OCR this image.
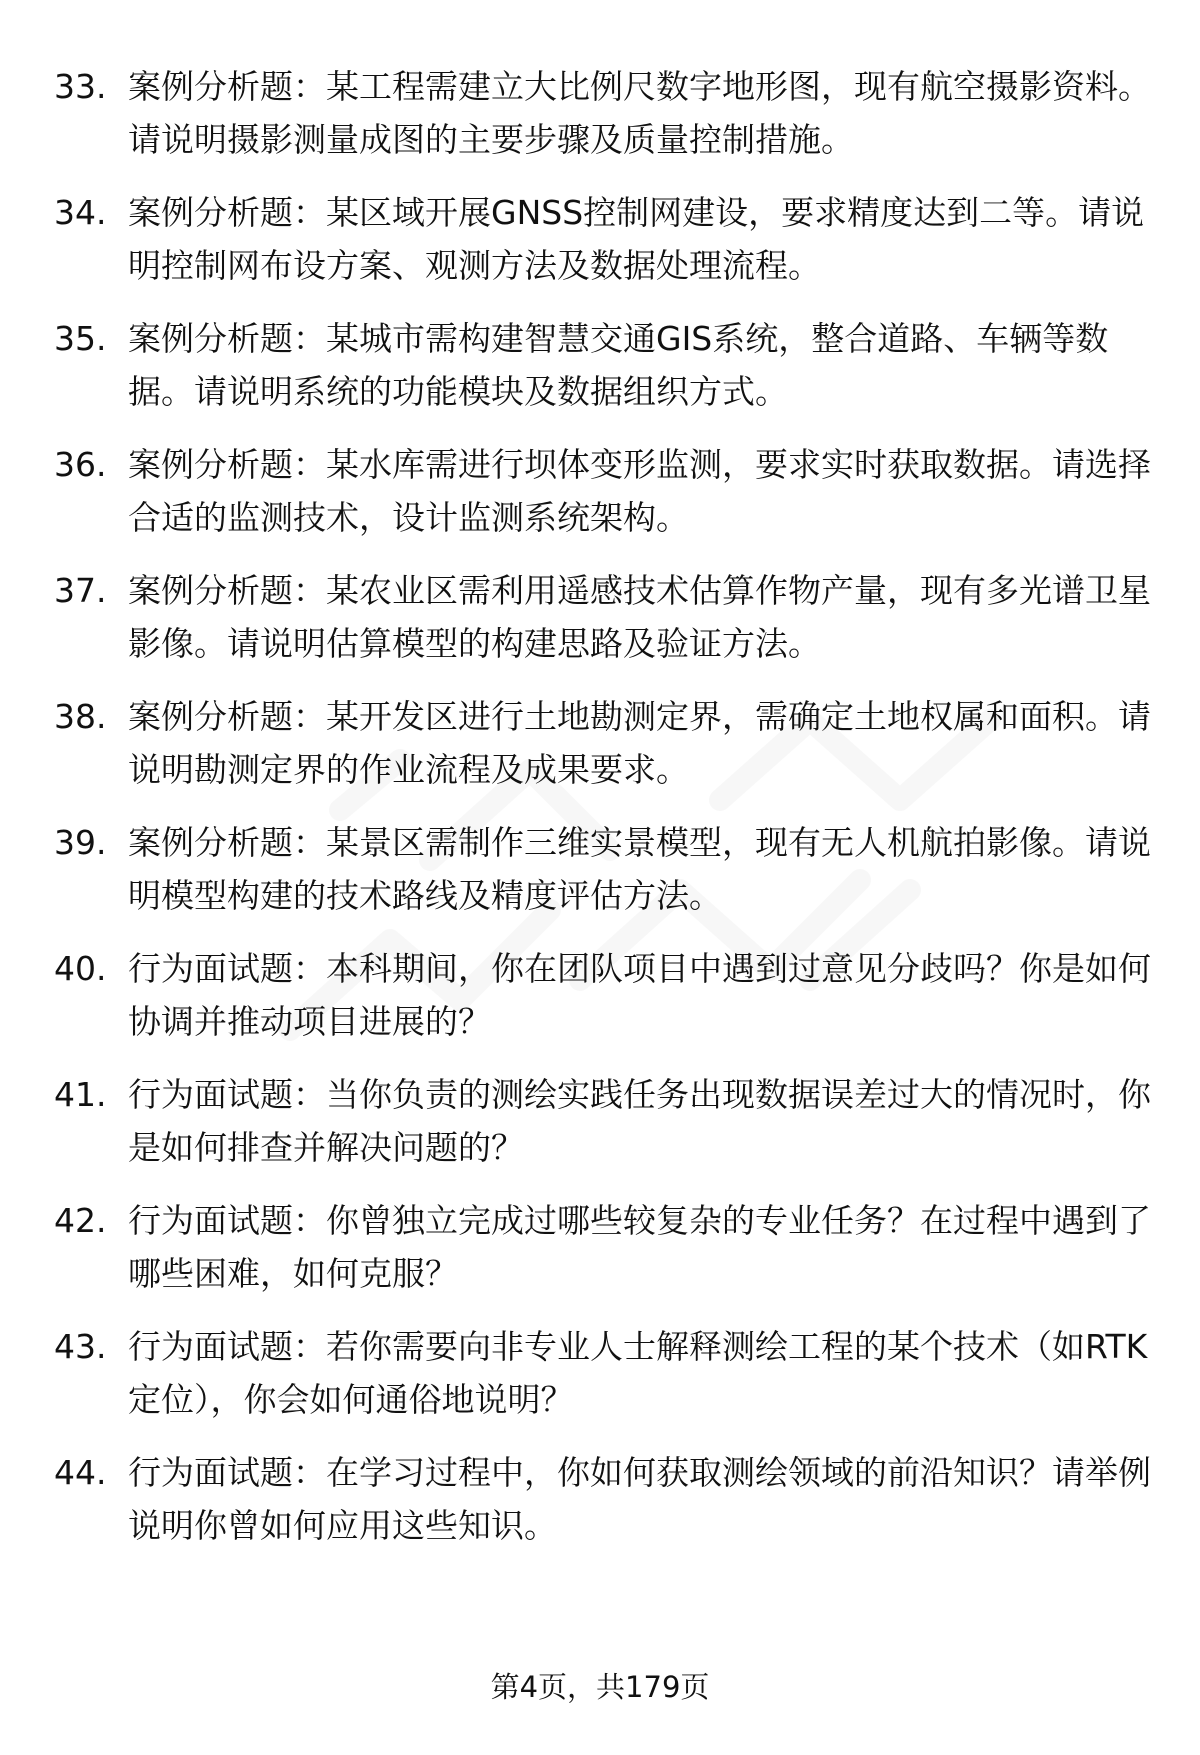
33. 案例分析题：某工程需建立大比例尺数字地形图，现有航空摄影资料。请说明摄影测量成图的主要步骤及质量控制措施。
34. 案例分析题：某区域开展GNSS控制网建设，要求精度达到二等。请说明控制网布设方案、观测方法及数据处理流程。
35. 案例分析题：某城市需构建智慧交通GIS系统，整合道路、车辆等数据。请说明系统的功能模块及数据组织方式。
36. 案例分析题：某水库需进行坝体变形监测，要求实时获取数据。请选择合适的监测技术，设计监测系统架构。
37. 案例分析题：某农业区需利用遥感技术估算作物产量，现有多光谱卫星影像。请说明估算模型的构建思路及验证方法。
38. 案例分析题：某开发区进行土地勘测定界，需确定土地权属和面积。请说明勘测定界的作业流程及成果要求。
39. 案例分析题：某景区需制作三维实景模型，现有无人机航拍影像。请说明模型构建的技术路线及精度评估方法。
40. 行为面试题：本科期间，你在团队项目中遇到过意见分歧吗？你是如何协调并推动项目进展的？
41. 行为面试题：当你负责的测绘实践任务出现数据误差过大的情况时，你是如何排查并解决问题的？
42. 行为面试题：你曾独立完成过哪些较复杂的专业任务？在过程中遇到了哪些困难，如何克服？
43. 行为面试题：若你需要向非专业人士解释测绘工程的某个技术（如RTK定位），你会如何通俗地说明？
44. 行为面试题：在学习过程中，你如何获取测绘领域的前沿知识？请举例说明你曾如何应用这些知识。
第4页，共179页
